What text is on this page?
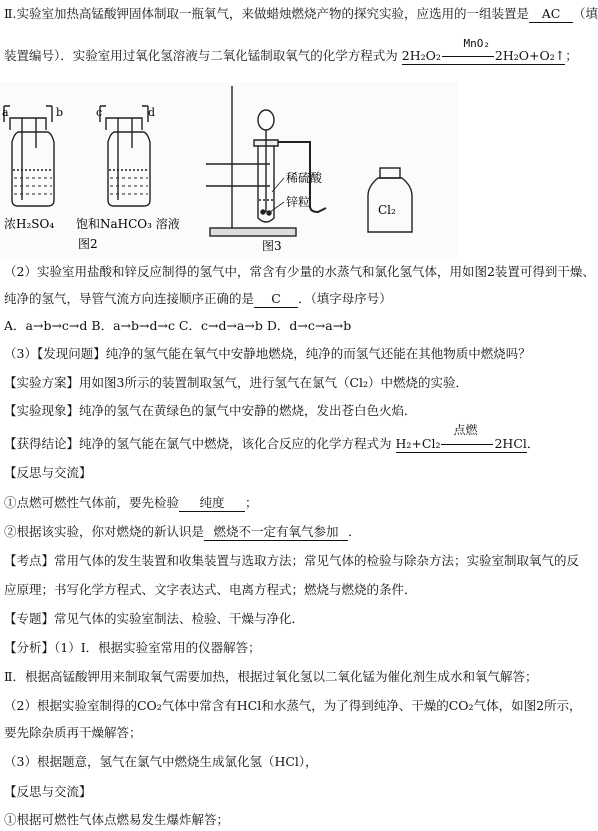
Ⅱ.实验室加热高锰酸钾固体制取一瓶氧气，来做蜡烛燃烧产物的探究实验，应选用的一组装置是 AC （填
装置编号）．实验室用过氧化氢溶液与二氧化锰制取氧气的化学方程式为 2H₂O₂
MnO₂
2H₂O+O₂↑；
a	b	c	d
浓H₂SO₄ 饱和NaHCO₃ 溶液
图2
稀硫酸
锌粒
图3
Cl₂
（2）实验室用盐酸和锌反应制得的氢气中，常含有少量的水蒸气和氯化氢气体，用如图2装置可得到干燥、
纯净的氢气，导管气流方向连接顺序正确的是 C ．（填字母序号）
A．a→b→c→d B．a→b→d→c C．c→d→a→b D．d→c→a→b
（3）【发现问题】纯净的氢气能在氧气中安静地燃烧，纯净的而氢气还能在其他物质中燃烧吗？
【实验方案】用如图3所示的装置制取氢气，进行氢气在氯气（Cl₂）中燃烧的实验．
【实验现象】纯净的氢气在黄绿色的氯气中安静的燃烧，发出苍白色火焰．
【获得结论】纯净的氢气能在氯气中燃烧，该化合反应的化学方程式为 H₂+Cl₂
点燃
2HCl．
【反思与交流】
①点燃可燃性气体前，要先检验 纯度 ；
②根据该实验，你对燃烧的新认识是 燃烧不一定有氧气参加 ．
【考点】常用气体的发生装置和收集装置与选取方法；常见气体的检验与除杂方法；实验室制取氧气的反
应原理；书写化学方程式、文字表达式、电离方程式；燃烧与燃烧的条件．
【专题】常见气体的实验室制法、检验、干燥与净化．
【分析】（1）Ⅰ．根据实验室常用的仪器解答；
Ⅱ．根据高锰酸钾用来制取氧气需要加热，根据过氧化氢以二氧化锰为催化剂生成水和氧气解答；
（2）根据实验室制得的CO₂气体中常含有HCl和水蒸气，为了得到纯净、干燥的CO₂气体，如图2所示，
要先除杂质再干燥解答；
（3）根据题意，氢气在氯气中燃烧生成氯化氢（HCl），
【反思与交流】
①根据可燃性气体点燃易发生爆炸解答；
